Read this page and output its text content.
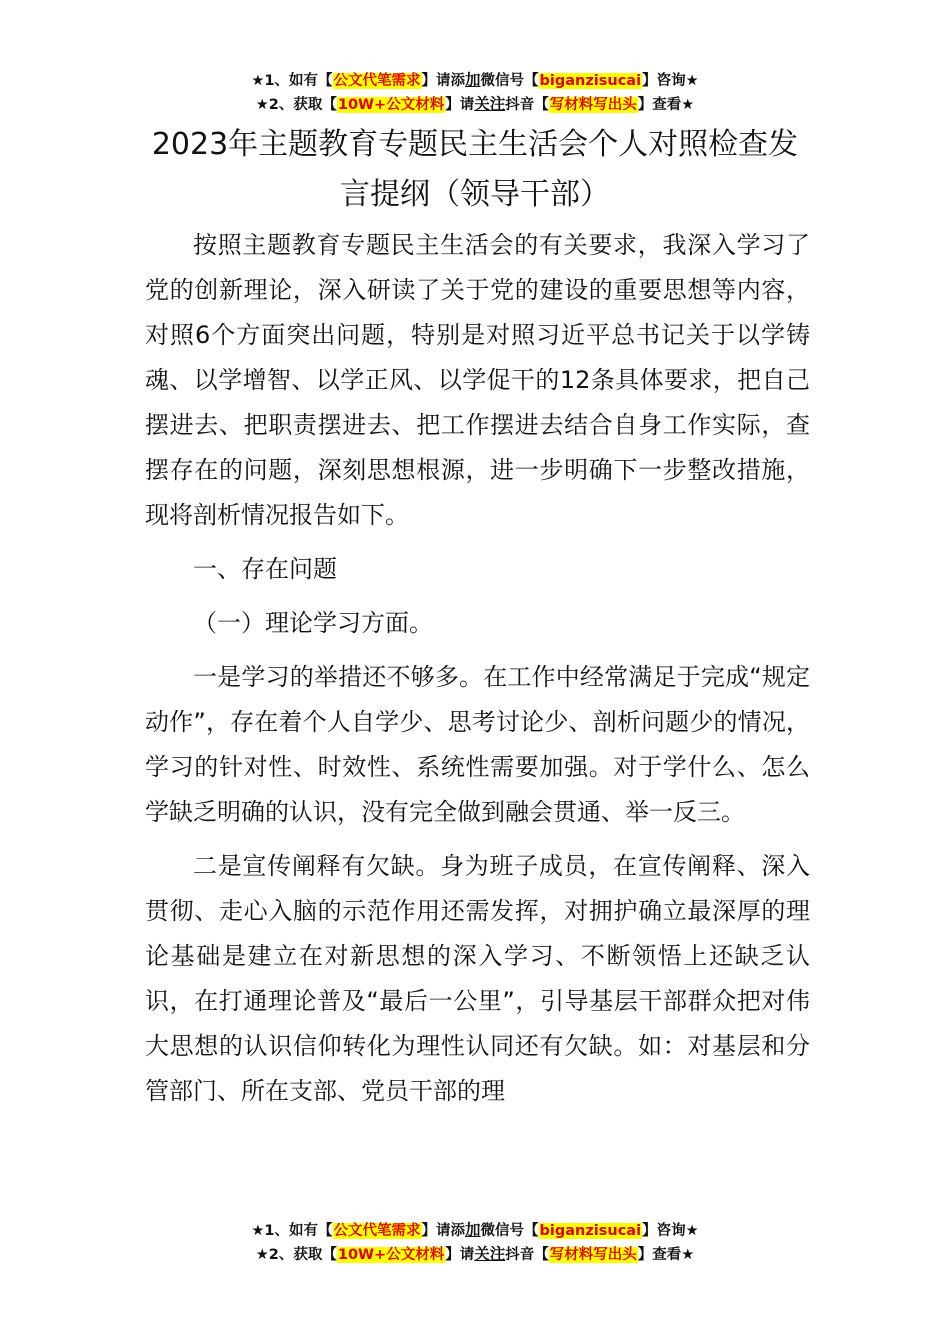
★1、如有【公文代笔需求】请添加微信号【biganzisucai】咨询★
★2、获取【10W+公文材料】请关注抖音【写材料写出头】查看★
2023年主题教育专题民主生活会个人对照检查发言提纲（领导干部）

按照主题教育专题民主生活会的有关要求，我深入学习了党的创新理论，深入研读了关于党的建设的重要思想等内容，对照6个方面突出问题，特别是对照习近平总书记关于以学铸魂、以学增智、以学正风、以学促干的12条具体要求，把自己摆进去、把职责摆进去、把工作摆进去结合自身工作实际，查摆存在的问题，深刻思想根源，进一步明确下一步整改措施，现将剖析情况报告如下。

一、存在问题

（一）理论学习方面。

一是学习的举措还不够多。在工作中经常满足于完成“规定动作”，存在着个人自学少、思考讨论少、剖析问题少的情况，学习的针对性、时效性、系统性需要加强。对于学什么、怎么学缺乏明确的认识，没有完全做到融会贯通、举一反三。

二是宣传阐释有欠缺。身为班子成员，在宣传阐释、深入贯彻、走心入脑的示范作用还需发挥，对拥护确立最深厚的理论基础是建立在对新思想的深入学习、不断领悟上还缺乏认识，在打通理论普及“最后一公里”，引导基层干部群众把对伟大思想的认识信仰转化为理性认同还有欠缺。如：对基层和分管部门、所在支部、党员干部的理

★1、如有【公文代笔需求】请添加微信号【biganzisucai】咨询★
★2、获取【10W+公文材料】请关注抖音【写材料写出头】查看★
